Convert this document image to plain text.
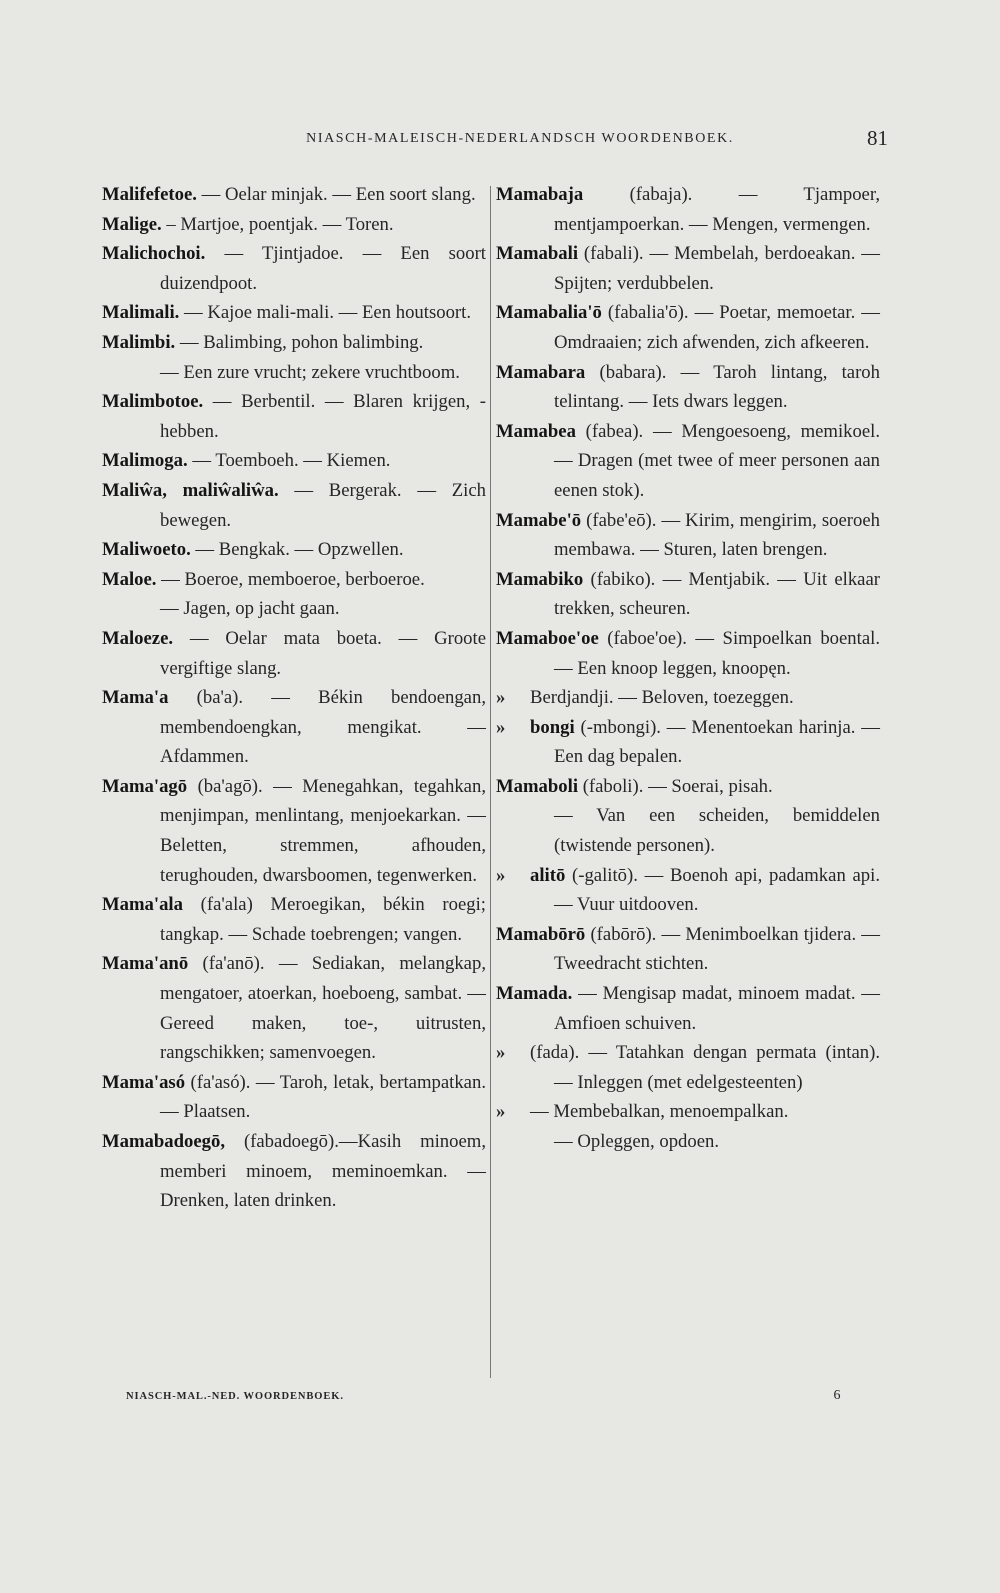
NIASCH-MALEISCH-NEDERLANDSCH WOORDENBOEK.	81

Malifefetoe. — Oelar minjak. — Een soort slang.

Malige. – Martjoe, poentjak. — Toren.

Malichochoi. — Tjintjadoe. — Een soort duizendpoot.

Malimali. — Kajoe mali-mali. — Een houtsoort.

Malimbi. — Balimbing, pohon balimbing.

— Een zure vrucht; zekere vruchtboom.

Malimbotoe. — Berbentil. — Blaren krijgen, -hebben.

Malimoga. — Toemboeh. — Kiemen.

Maliŵa, maliŵaliŵa. — Bergerak. — Zich bewegen.

Maliwoeto. — Bengkak. — Opzwellen.

Maloe. — Boeroe, memboeroe, berboeroe.

— Jagen, op jacht gaan.

Maloeze. — Oelar mata boeta. — Groote vergiftige slang.

Mama'a (ba'a). — Békin bendoengan, membendoengkan, mengikat. — Afdammen.

Mama'agō (ba'agō). — Menegahkan, tegahkan, menjimpan, menlintang, menjoekarkan. — Beletten, stremmen, afhouden, terughouden, dwarsboomen, tegenwerken.

Mama'ala (fa'ala) Meroegikan, békin roegi; tangkap. — Schade toebrengen; vangen.

Mama'anō (fa'anō). — Sediakan, melangkap, mengatoer, atoerkan, hoeboeng, sambat. — Gereed maken, toe-, uitrusten, rangschikken; samenvoegen.

Mama'asó (fa'asó). — Taroh, letak, bertampatkan. — Plaatsen.

Mamabadoegō, (fabadoegō).—Kasih minoem, memberi minoem, meminoemkan. — Drenken, laten drinken.

Mamabaja (fabaja). — Tjampoer, mentjampoerkan. — Mengen, vermengen.

Mamabali (fabali). — Membelah, berdoeakan. — Spijten; verdubbelen.

Mamabalia'ō (fabalia'ō). — Poetar, memoetar. — Omdraaien; zich afwenden, zich afkeeren.

Mamabara (babara). — Taroh lintang, taroh telintang. — Iets dwars leggen.

Mamabea (fabea). — Mengoesoeng, memikoel. — Dragen (met twee of meer personen aan eenen stok).

Mamabe'ō (fabe'eō). — Kirim, mengirim, soeroeh membawa. — Sturen, laten brengen.

Mamabiko (fabiko). — Mentjabik. — Uit elkaar trekken, scheuren.

Mamaboe'oe (faboe'oe). — Simpoelkan boental. — Een knoop leggen, knoopęn.

» Berdjandji. — Beloven, toezeggen.

» bongi (-mbongi). — Menentoekan harinja. — Een dag bepalen.

Mamaboli (faboli). — Soerai, pisah.

— Van een scheiden, bemiddelen (twistende personen).

» alitō (-galitō). — Boenoh api, padamkan api. — Vuur uitdooven.

Mamabōrō (fabōrō). — Menimboelkan tjidera. — Tweedracht stichten.

Mamada. — Mengisap madat, minoem madat. — Amfioen schuiven.

» (fada). — Tatahkan dengan permata (intan). — Inleggen (met edelgesteenten)

» — Membebalkan, menoempalkan.

— Opleggen, opdoen.

NIASCH-MAL.-NED. WOORDENBOEK.	6
